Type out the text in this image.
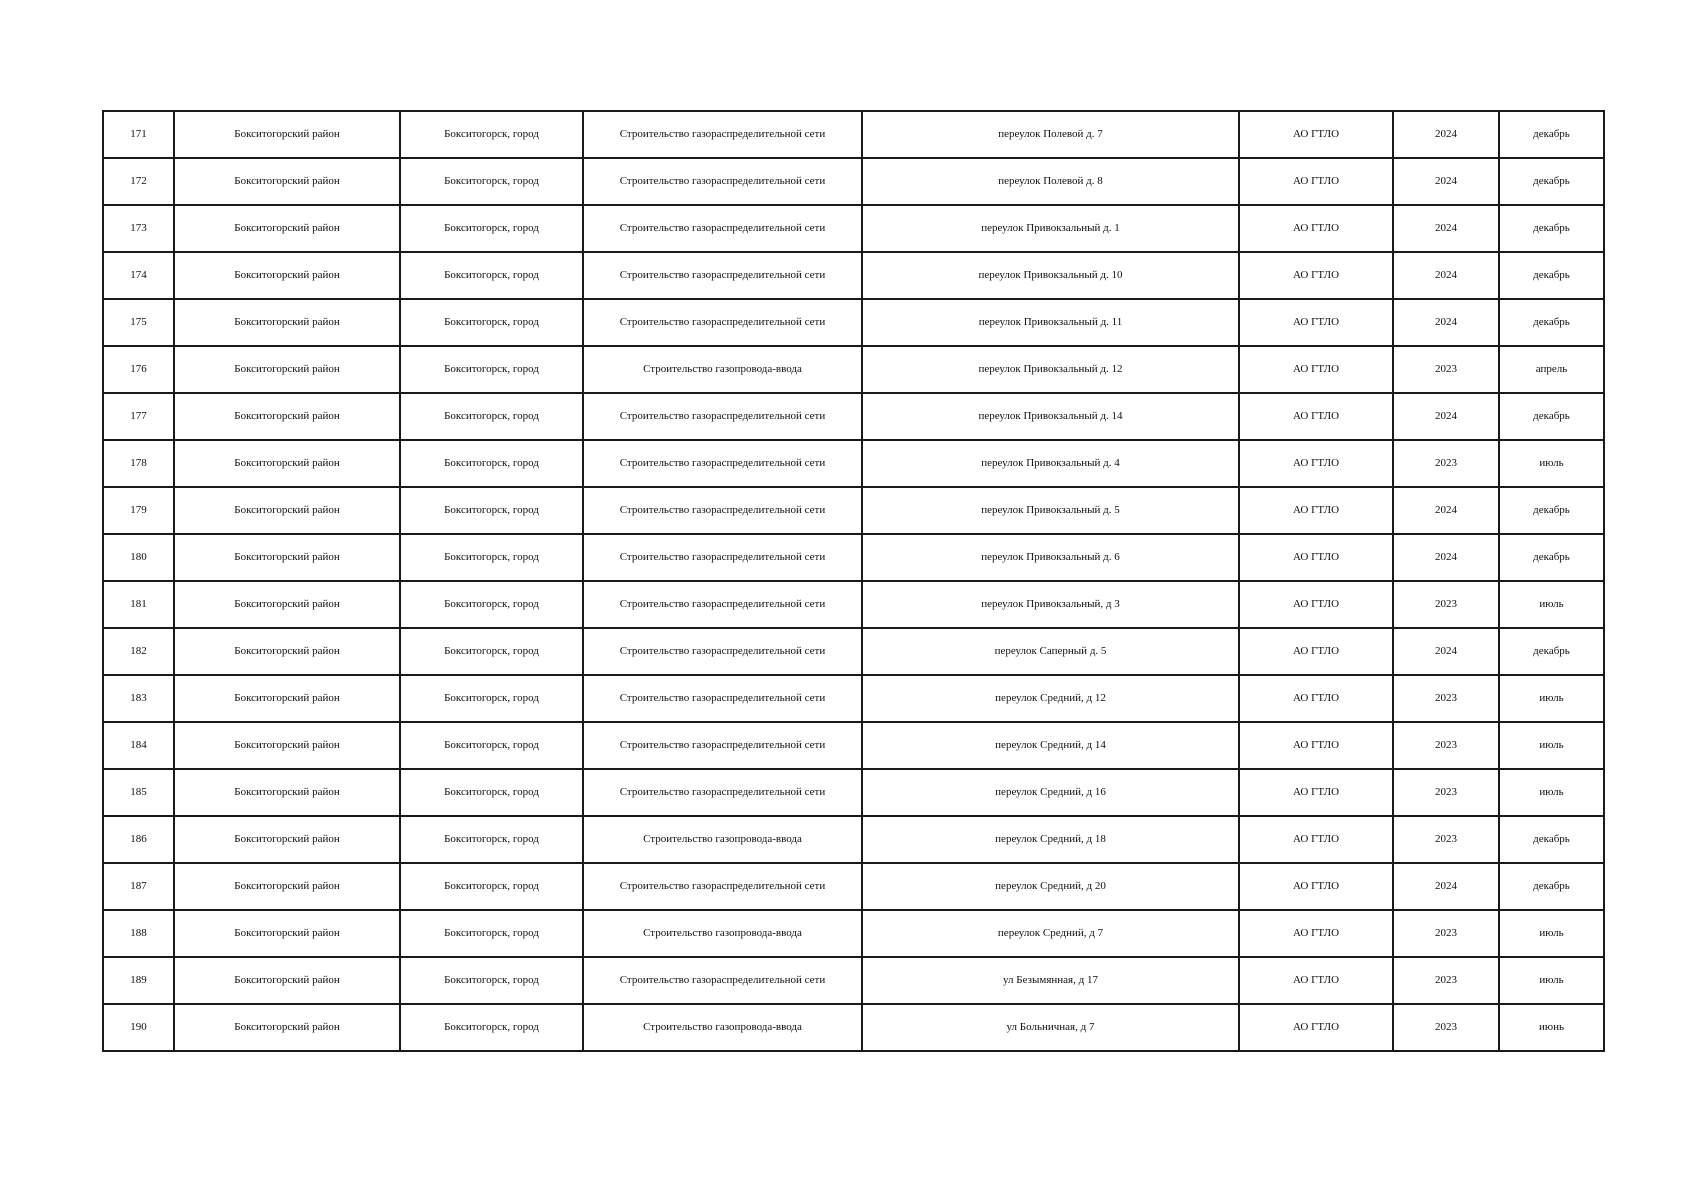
171	Бокситогорский район	Бокситогорск, город	Строительство газораспределительной сети	переулок Полевой д. 7	АО ГТЛО	2024	декабрь
172	Бокситогорский район	Бокситогорск, город	Строительство газораспределительной сети	переулок Полевой д. 8	АО ГТЛО	2024	декабрь
173	Бокситогорский район	Бокситогорск, город	Строительство газораспределительной сети	переулок Привокзальный д. 1	АО ГТЛО	2024	декабрь
174	Бокситогорский район	Бокситогорск, город	Строительство газораспределительной сети	переулок Привокзальный д. 10	АО ГТЛО	2024	декабрь
175	Бокситогорский район	Бокситогорск, город	Строительство газораспределительной сети	переулок Привокзальный д. 11	АО ГТЛО	2024	декабрь
176	Бокситогорский район	Бокситогорск, город	Строительство газопровода-ввода	переулок Привокзальный д. 12	АО ГТЛО	2023	апрель
177	Бокситогорский район	Бокситогорск, город	Строительство газораспределительной сети	переулок Привокзальный д. 14	АО ГТЛО	2024	декабрь
178	Бокситогорский район	Бокситогорск, город	Строительство газораспределительной сети	переулок Привокзальный д. 4	АО ГТЛО	2023	июль
179	Бокситогорский район	Бокситогорск, город	Строительство газораспределительной сети	переулок Привокзальный д. 5	АО ГТЛО	2024	декабрь
180	Бокситогорский район	Бокситогорск, город	Строительство газораспределительной сети	переулок Привокзальный д. 6	АО ГТЛО	2024	декабрь
181	Бокситогорский район	Бокситогорск, город	Строительство газораспределительной сети	переулок Привокзальный, д 3	АО ГТЛО	2023	июль
182	Бокситогорский район	Бокситогорск, город	Строительство газораспределительной сети	переулок Саперный д. 5	АО ГТЛО	2024	декабрь
183	Бокситогорский район	Бокситогорск, город	Строительство газораспределительной сети	переулок Средний, д 12	АО ГТЛО	2023	июль
184	Бокситогорский район	Бокситогорск, город	Строительство газораспределительной сети	переулок Средний, д 14	АО ГТЛО	2023	июль
185	Бокситогорский район	Бокситогорск, город	Строительство газораспределительной сети	переулок Средний, д 16	АО ГТЛО	2023	июль
186	Бокситогорский район	Бокситогорск, город	Строительство газопровода-ввода	переулок Средний, д 18	АО ГТЛО	2023	декабрь
187	Бокситогорский район	Бокситогорск, город	Строительство газораспределительной сети	переулок Средний, д 20	АО ГТЛО	2024	декабрь
188	Бокситогорский район	Бокситогорск, город	Строительство газопровода-ввода	переулок Средний, д 7	АО ГТЛО	2023	июль
189	Бокситогорский район	Бокситогорск, город	Строительство газораспределительной сети	ул Безымянная, д 17	АО ГТЛО	2023	июль
190	Бокситогорский район	Бокситогорск, город	Строительство газопровода-ввода	ул Больничная, д 7	АО ГТЛО	2023	июнь
